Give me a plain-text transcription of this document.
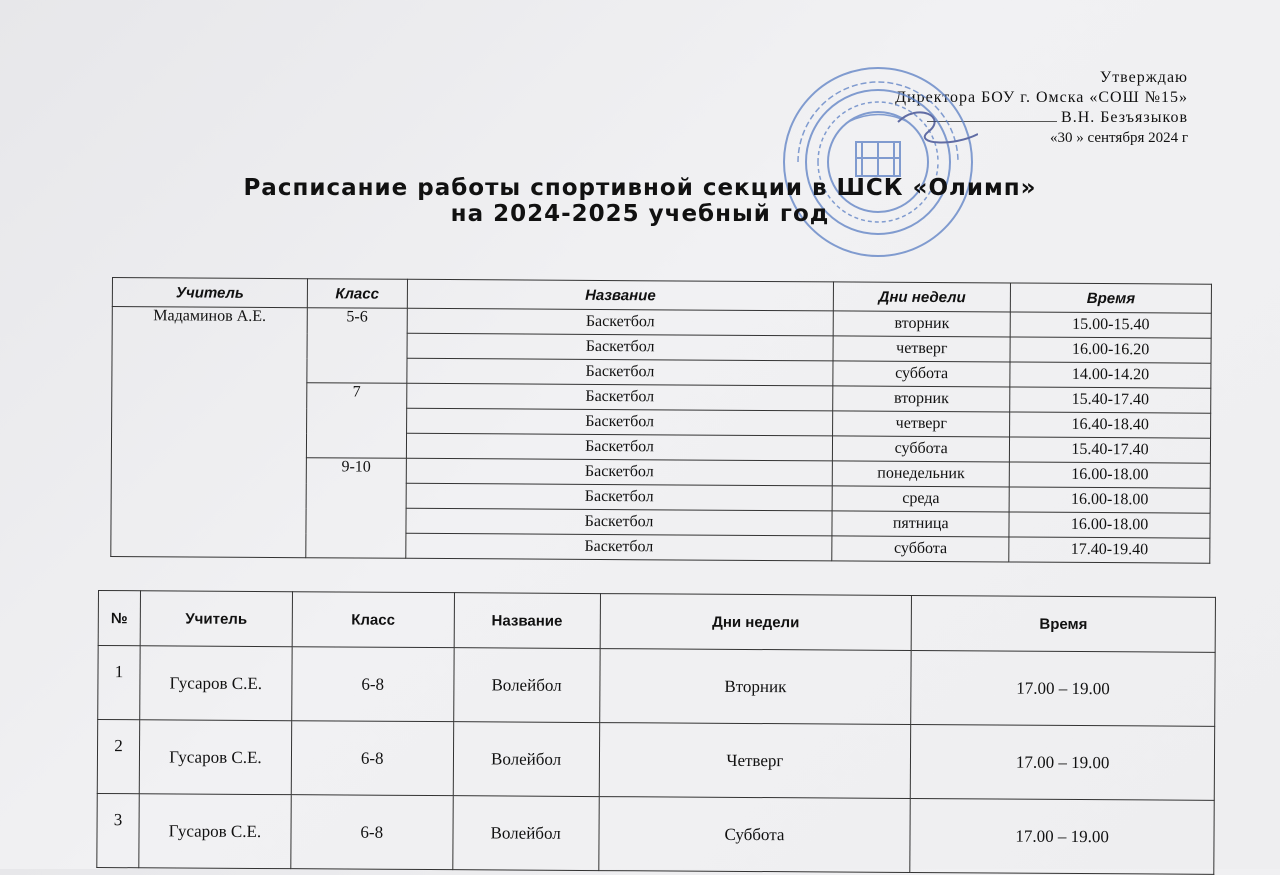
Утверждаю
Директора БОУ г. Омска «СОШ №15»
В.Н. Безъязыков
«30 » сентября 2024 г
Расписание работы спортивной секции в ШСК «Олимп»
на 2024-2025 учебный год
Учитель	Класс	Название	Дни недели	Время
Мадаминов А.Е.	5-6	Баскетбол	вторник	15.00-15.40
		Баскетбол	четверг	16.00-16.20
		Баскетбол	суббота	14.00-14.20
	7	Баскетбол	вторник	15.40-17.40
		Баскетбол	четверг	16.40-18.40
		Баскетбол	суббота	15.40-17.40
	9-10	Баскетбол	понедельник	16.00-18.00
		Баскетбол	среда	16.00-18.00
		Баскетбол	пятница	16.00-18.00
		Баскетбол	суббота	17.40-19.40
№	Учитель	Класс	Название	Дни недели	Время
1	Гусаров С.Е.	6-8	Волейбол	Вторник	17.00 – 19.00
2	Гусаров С.Е.	6-8	Волейбол	Четверг	17.00 – 19.00
3	Гусаров С.Е.	6-8	Волейбол	Суббота	17.00 – 19.00
